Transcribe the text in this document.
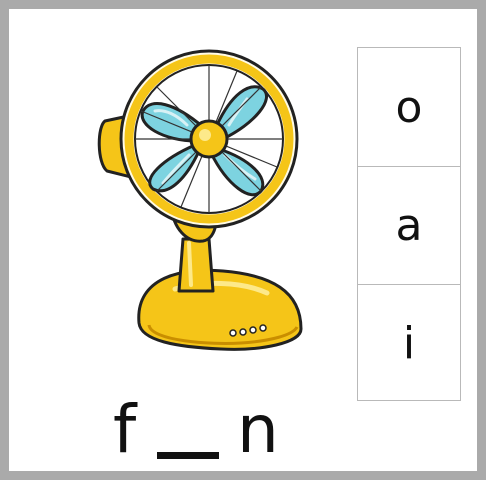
f n
o
a
i
